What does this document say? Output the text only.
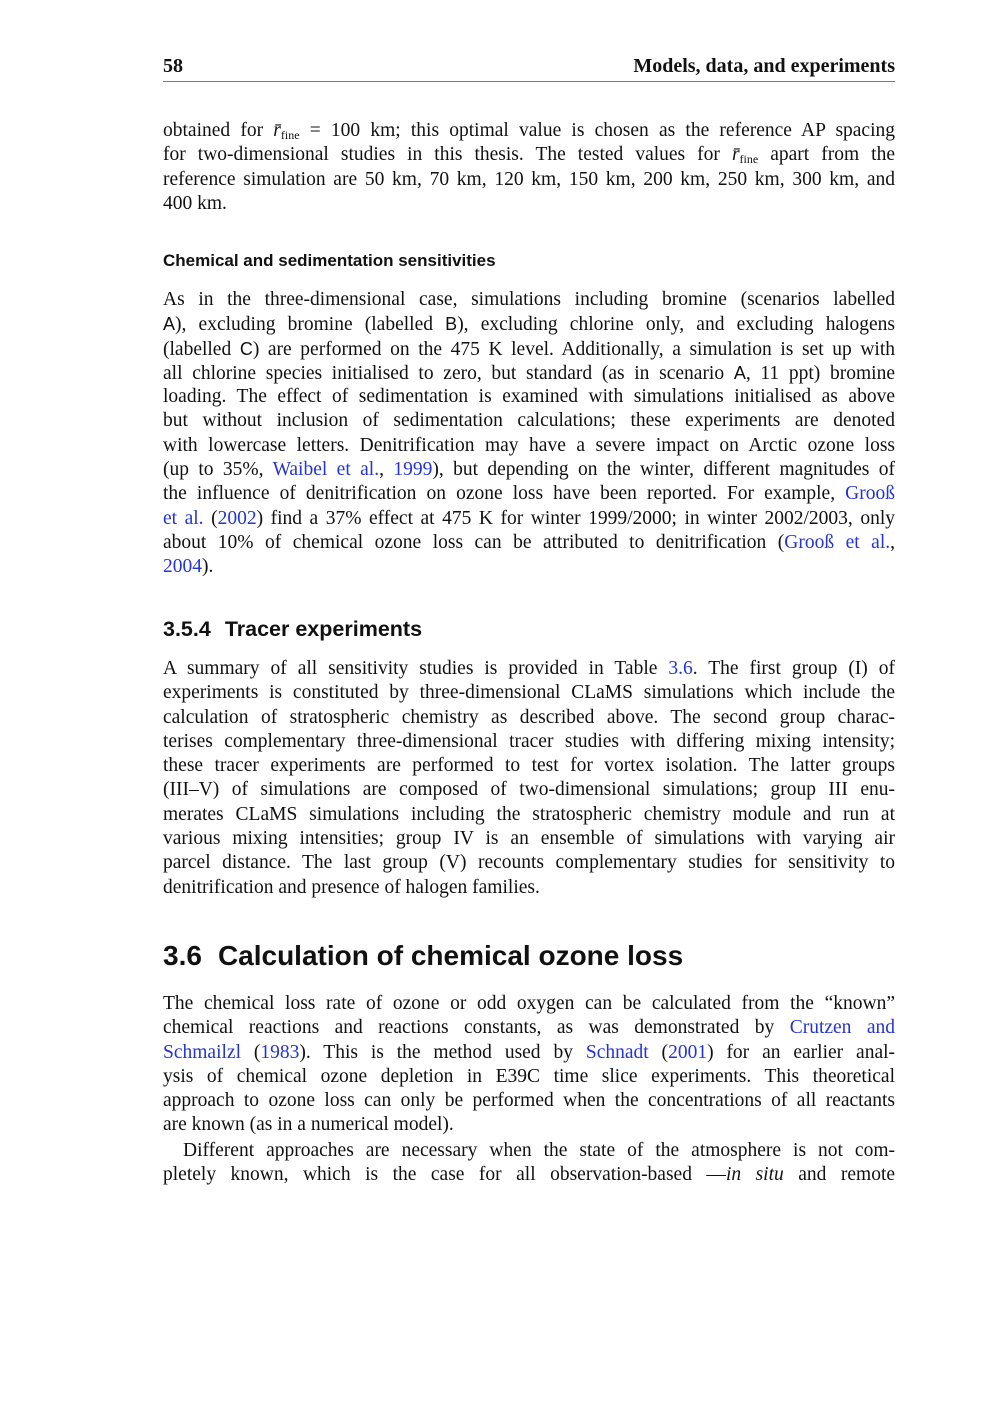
58	Models, data, and experiments
obtained for $r̄_{fine} = 100$ km; this optimal value is chosen as the reference AP spacing
for two-dimensional studies in this thesis. The tested values for $r̄_{fine}$ apart from the
reference simulation are 50 km, 70 km, 120 km, 150 km, 200 km, 250 km, 300 km, and
400 km.
Chemical and sedimentation sensitivities
As in the three-dimensional case, simulations including bromine (scenarios labelled
A), excluding bromine (labelled B), excluding chlorine only, and excluding halogens
(labelled C) are performed on the 475 K level. Additionally, a simulation is set up with
all chlorine species initialised to zero, but standard (as in scenario A, 11 ppt) bromine
loading. The effect of sedimentation is examined with simulations initialised as above
but without inclusion of sedimentation calculations; these experiments are denoted
with lowercase letters. Denitrification may have a severe impact on Arctic ozone loss
(up to 35%, Waibel et al., 1999), but depending on the winter, different magnitudes of
the influence of denitrification on ozone loss have been reported. For example, Grooß
et al. (2002) find a 37% effect at 475 K for winter 1999/2000; in winter 2002/2003, only
about 10% of chemical ozone loss can be attributed to denitrification (Grooß et al.,
2004).
3.5.4 Tracer experiments
A summary of all sensitivity studies is provided in Table 3.6. The first group (I) of
experiments is constituted by three-dimensional CLaMS simulations which include the
calculation of stratospheric chemistry as described above. The second group charac-
terises complementary three-dimensional tracer studies with differing mixing intensity;
these tracer experiments are performed to test for vortex isolation. The latter groups
(III–V) of simulations are composed of two-dimensional simulations; group III enu-
merates CLaMS simulations including the stratospheric chemistry module and run at
various mixing intensities; group IV is an ensemble of simulations with varying air
parcel distance. The last group (V) recounts complementary studies for sensitivity to
denitrification and presence of halogen families.
3.6 Calculation of chemical ozone loss
The chemical loss rate of ozone or odd oxygen can be calculated from the “known”
chemical reactions and reactions constants, as was demonstrated by Crutzen and
Schmailzl (1983). This is the method used by Schnadt (2001) for an earlier anal-
ysis of chemical ozone depletion in E39C time slice experiments. This theoretical
approach to ozone loss can only be performed when the concentrations of all reactants
are known (as in a numerical model).
Different approaches are necessary when the state of the atmosphere is not com-
pletely known, which is the case for all observation-based —in situ and remote
